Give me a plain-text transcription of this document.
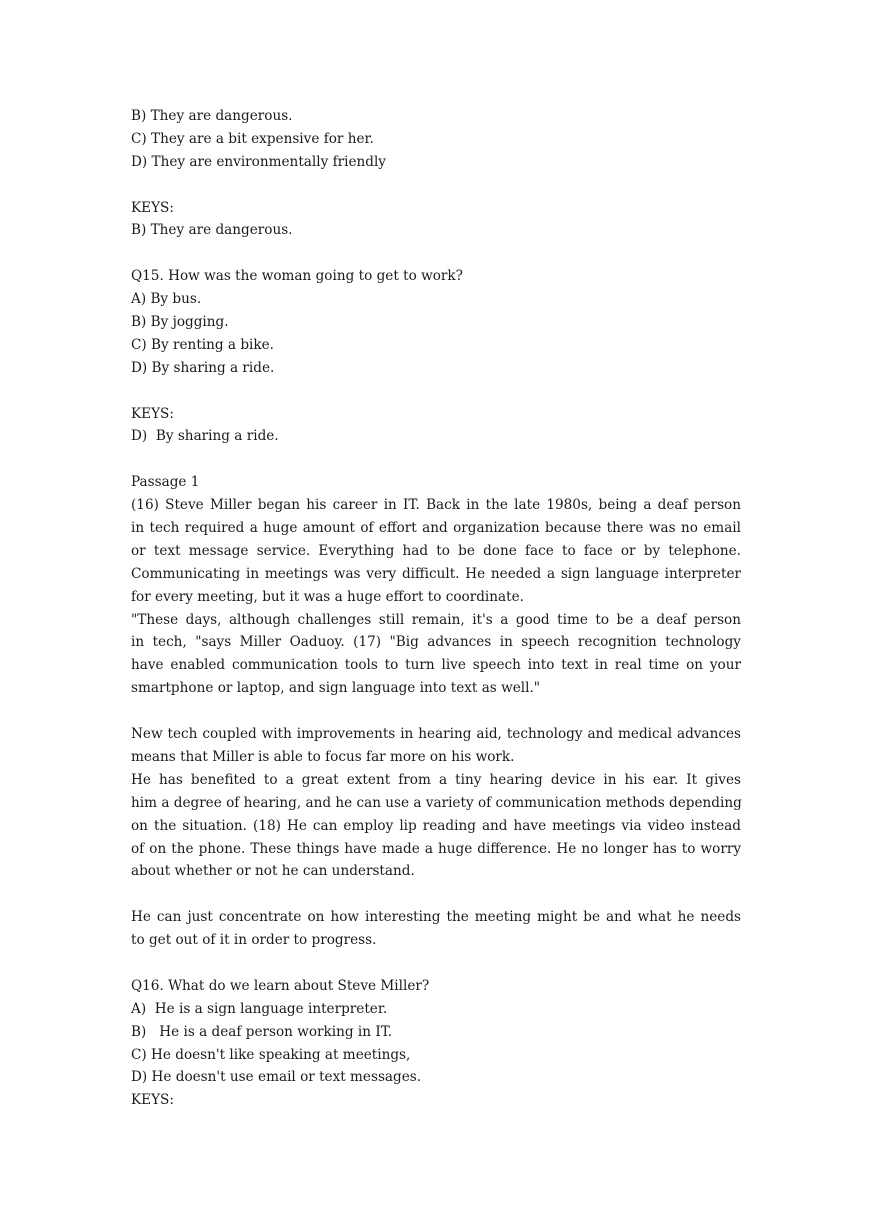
B) They are dangerous.
C) They are a bit expensive for her.
D) They are environmentally friendly
KEYS:
B) They are dangerous.
Q15. How was the woman going to get to work?
A) By bus.
B) By jogging.
C) By renting a bike.
D) By sharing a ride.
KEYS:
D)  By sharing a ride.
Passage 1
(16) Steve Miller began his career in IT. Back in the late 1980s, being a deaf person
in tech required a huge amount of effort and organization because there was no email
or text message service. Everything had to be done face to face or by telephone.
Communicating in meetings was very difficult. He needed a sign language interpreter
for every meeting, but it was a huge effort to coordinate.
"These days, although challenges still remain, it's a good time to be a deaf person
in tech, "says Miller Oaduoy. (17) "Big advances in speech recognition technology
have enabled communication tools to turn live speech into text in real time on your
smartphone or laptop, and sign language into text as well."
New tech coupled with improvements in hearing aid, technology and medical advances
means that Miller is able to focus far more on his work.
He has benefited to a great extent from a tiny hearing device in his ear. It gives
him a degree of hearing, and he can use a variety of communication methods depending
on the situation. (18) He can employ lip reading and have meetings via video instead
of on the phone. These things have made a huge difference. He no longer has to worry
about whether or not he can understand.
He can just concentrate on how interesting the meeting might be and what he needs
to get out of it in order to progress.
Q16. What do we learn about Steve Miller?
A)  He is a sign language interpreter.
B)   He is a deaf person working in IT.
C) He doesn't like speaking at meetings,
D) He doesn't use email or text messages.
KEYS:
